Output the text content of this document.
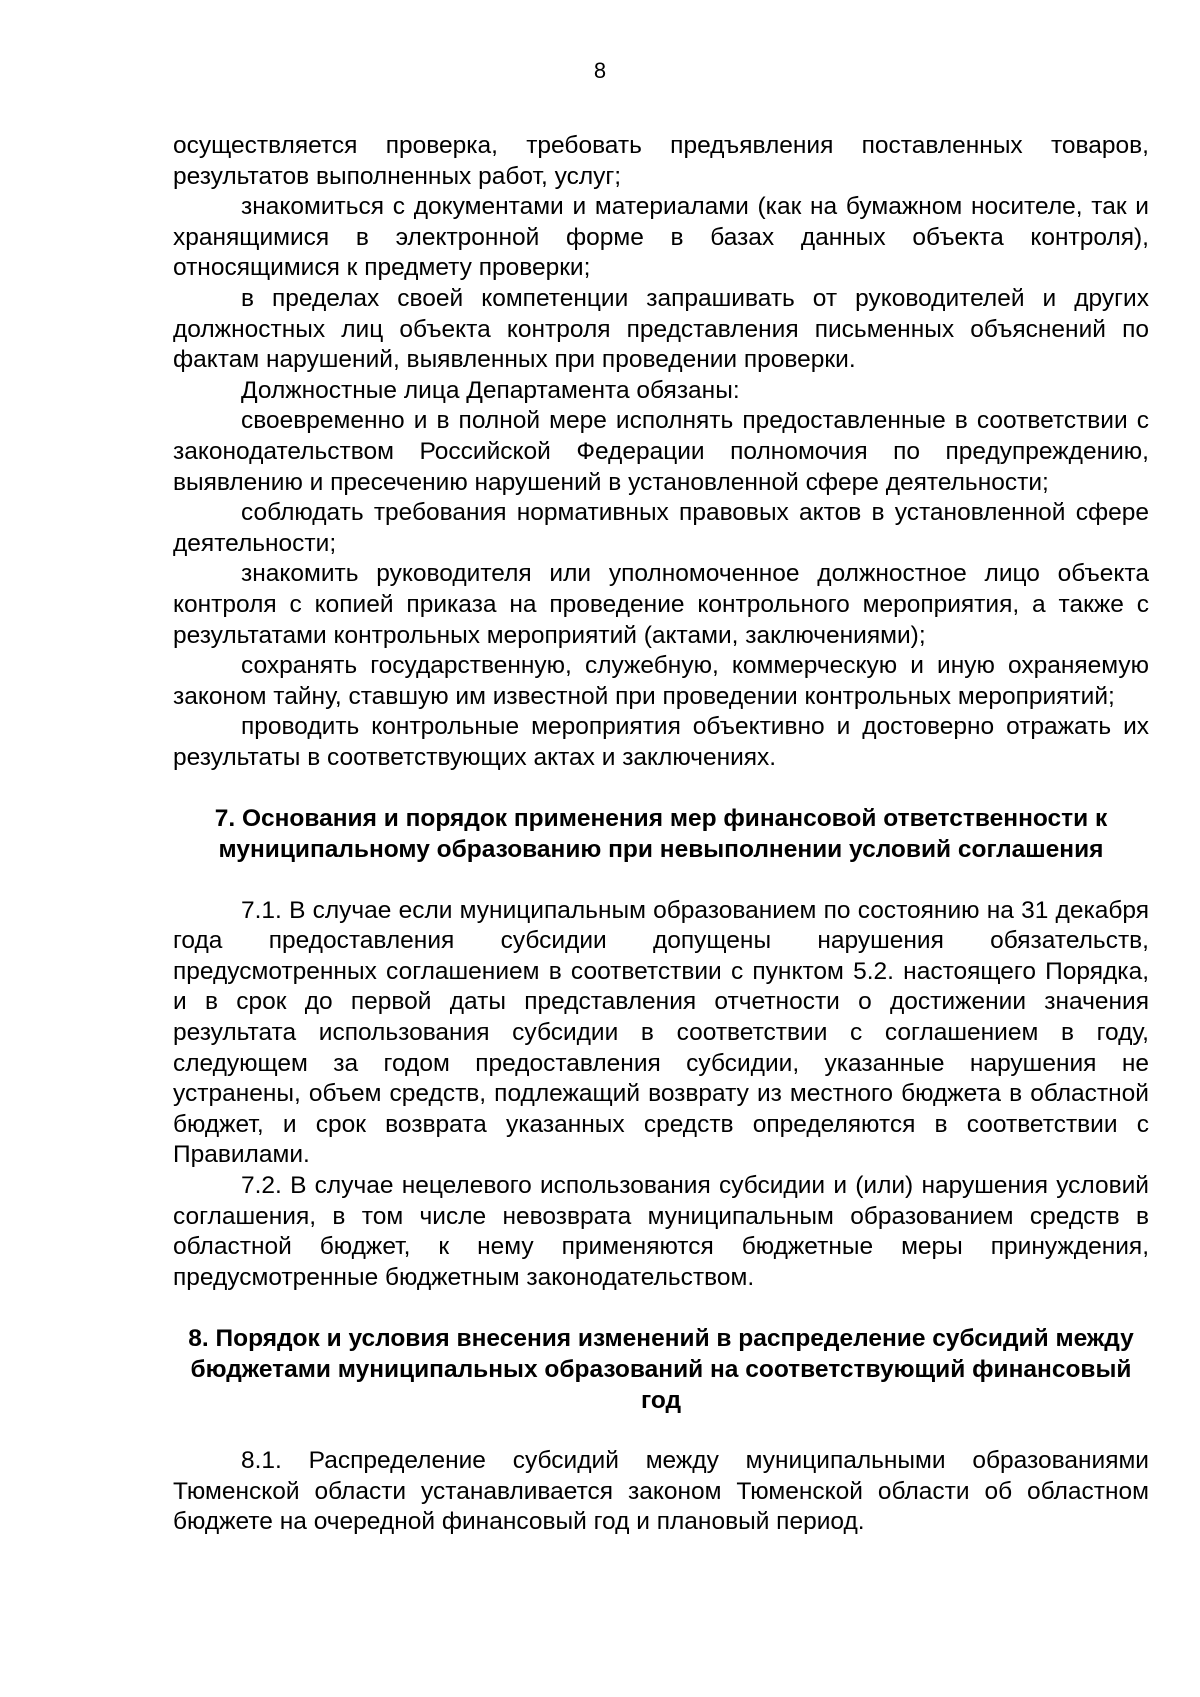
8

осуществляется проверка, требовать предъявления поставленных товаров, результатов выполненных работ, услуг;

знакомиться с документами и материалами (как на бумажном носителе, так и хранящимися в электронной форме в базах данных объекта контроля), относящимися к предмету проверки;

в пределах своей компетенции запрашивать от руководителей и других должностных лиц объекта контроля представления письменных объяснений по фактам нарушений, выявленных при проведении проверки.

Должностные лица Департамента обязаны:

своевременно и в полной мере исполнять предоставленные в соответствии с законодательством Российской Федерации полномочия по предупреждению, выявлению и пресечению нарушений в установленной сфере деятельности;

соблюдать требования нормативных правовых актов в установленной сфере деятельности;

знакомить руководителя или уполномоченное должностное лицо объекта контроля с копией приказа на проведение контрольного мероприятия, а также с результатами контрольных мероприятий (актами, заключениями);

сохранять государственную, служебную, коммерческую и иную охраняемую законом тайну, ставшую им известной при проведении контрольных мероприятий;

проводить контрольные мероприятия объективно и достоверно отражать их результаты в соответствующих актах и заключениях.

7. Основания и порядок применения мер финансовой ответственности к муниципальному образованию при невыполнении условий соглашения

7.1. В случае если муниципальным образованием по состоянию на 31 декабря года предоставления субсидии допущены нарушения обязательств, предусмотренных соглашением в соответствии с пунктом 5.2. настоящего Порядка, и в срок до первой даты представления отчетности о достижении значения результата использования субсидии в соответствии с соглашением в году, следующем за годом предоставления субсидии, указанные нарушения не устранены, объем средств, подлежащий возврату из местного бюджета в областной бюджет, и срок возврата указанных средств определяются в соответствии с Правилами.

7.2. В случае нецелевого использования субсидии и (или) нарушения условий соглашения, в том числе невозврата муниципальным образованием средств в областной бюджет, к нему применяются бюджетные меры принуждения, предусмотренные бюджетным законодательством.

8. Порядок и условия внесения изменений в распределение субсидий между бюджетами муниципальных образований на соответствующий финансовый год

8.1. Распределение субсидий между муниципальными образованиями Тюменской области устанавливается законом Тюменской области об областном бюджете на очередной финансовый год и плановый период.
